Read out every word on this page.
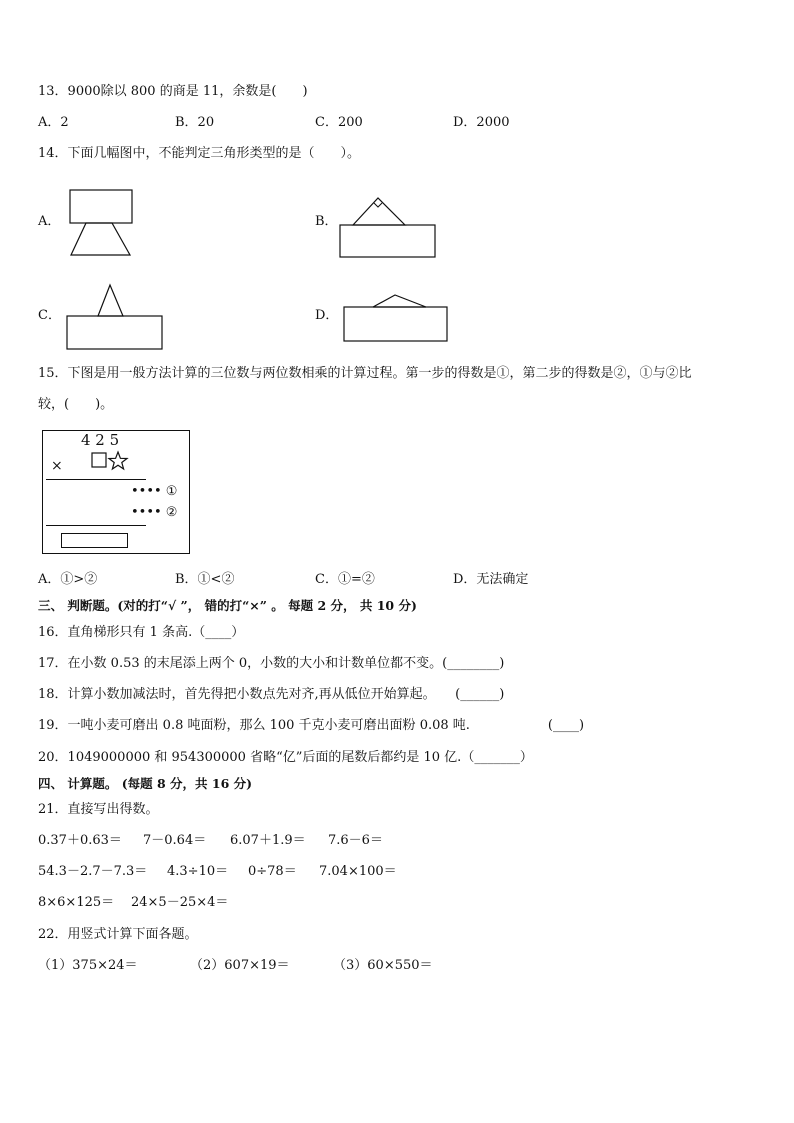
13．9000除以 800 的商是 11，余数是(　　)
A．2	B．20	C．200	D．2000
14．下面几幅图中，不能判定三角形类型的是（　　）。
A．	B．
C．	D．
15．下图是用一般方法计算的三位数与两位数相乘的计算过程。第一步的得数是①，第二步的得数是②，①与②比
较，(　　)。
4 2 5
×
•••• ①
•••• ②
A．①>②	B．①<②	C．①=②	D．无法确定
三、 判断题。(对的打“√ ”， 错的打“×” 。 每题 2 分， 共 10 分)
16．直角梯形只有 1 条高.（____）
17．在小数 0.53 的末尾添上两个 0，小数的大小和计数单位都不变。(________)
18．计算小数加减法时，首先得把小数点先对齐,再从低位开始算起。　　(______)
19．一吨小麦可磨出 0.8 吨面粉，那么 100 千克小麦可磨出面粉 0.08 吨.　　　　　　(____)
20．1049000000 和 954300000 省略“亿”后面的尾数后都约是 10 亿.（_______）
四、 计算题。 (每题 8 分，共 16 分)
21．直接写出得数。
0.37＋0.63＝ 7－0.64＝ 6.07＋1.9＝ 7.6－6＝
54.3－2.7－7.3＝ 4.3÷10＝ 0÷78＝ 7.04×100＝
8×6×125＝ 24×5－25×4＝
22．用竖式计算下面各题。
（1）375×24＝	（2）607×19＝	（3）60×550＝
